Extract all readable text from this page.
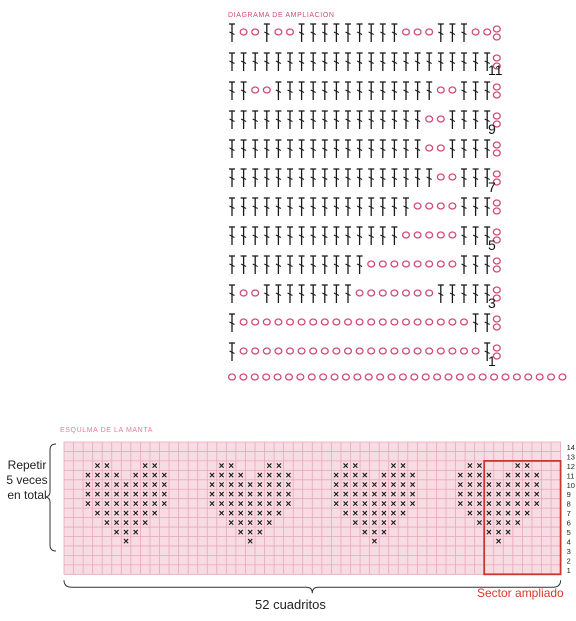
DIAGRAMA DE AMPLIACION
ESQULMA DE LA MANTA
× ×	× ×
× × × × × × × ×
× × × × × × × × ×
× × × × × × × × ×
× × × × × × × × ×
× × × × × × ×
× × × × ×
× × ×
×
× ×	× ×
× × × × × × × ×
× × × × × × × × ×
× × × × × × × × ×
× × × × × × × × ×
× × × × × × ×
× × × × ×
× × ×
×
× ×	× ×
× × × × × × × ×
× × × × × × × × ×
× × × × × × × × ×
× × × × × × × × ×
× × × × × × ×
× × × × ×
× × ×
×
× ×	× ×
× × × × × × × ×
× × × × × × × × ×
× × × × × × × × ×
× × × × × × × × ×
× × × × × × ×
× × × × ×
× × ×
×
14
13
12
11
10
9
8
7
6
5
4
3
2
1
11
9
7
5
3
1
Repetir
5 veces
en total
52 cuadritos
Sector ampliado
